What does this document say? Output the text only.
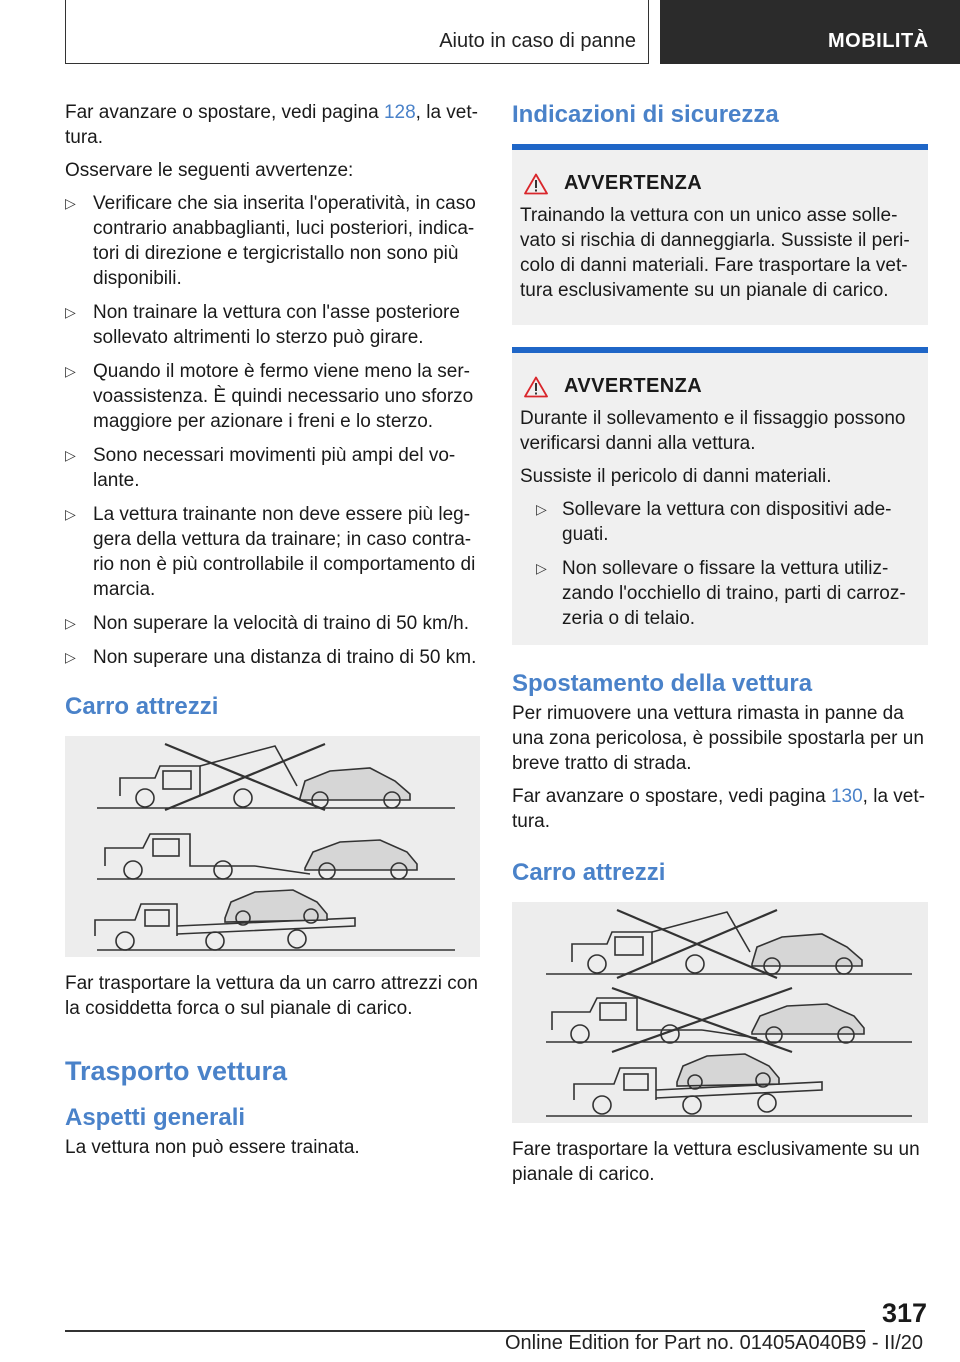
Aiuto in caso di panne	MOBILITÀ

Far avanzare o spostare, vedi pagina 128, la vet‐ tura.

Osservare le seguenti avvertenze:

▷ Verificare che sia inserita l'operatività, in caso contrario anabbaglianti, luci posteriori, indica‐ tori di direzione e tergicristallo non sono più disponibili.
▷ Non trainare la vettura con l'asse posteriore sollevato altrimenti lo sterzo può girare.
▷ Quando il motore è fermo viene meno la ser‐ voassistenza. È quindi necessario uno sforzo maggiore per azionare i freni e lo sterzo.
▷ Sono necessari movimenti più ampi del vo‐ lante.
▷ La vettura trainante non deve essere più leg‐ gera della vettura da trainare; in caso contra‐ rio non è più controllabile il comportamento di marcia.
▷ Non superare la velocità di traino di 50 km/h.
▷ Non superare una distanza di traino di 50 km.
Carro attrezzi

Far trasportare la vettura da un carro attrezzi con la cosiddetta forca o sul pianale di carico.

Trasporto vettura
Aspetti generali

La vettura non può essere trainata.

Indicazioni di sicurezza
AVVERTENZA

Trainando la vettura con un unico asse solle‐ vato si rischia di danneggiarla. Sussiste il peri‐ colo di danni materiali. Fare trasportare la vet‐ tura esclusivamente su un pianale di carico.

AVVERTENZA

Durante il sollevamento e il fissaggio possono verificarsi danni alla vettura.

Sussiste il pericolo di danni materiali.

▷ Sollevare la vettura con dispositivi ade‐ guati.
▷ Non sollevare o fissare la vettura utiliz‐ zando l'occhiello di traino, parti di carroz‐ zeria o di telaio.
Spostamento della vettura

Per rimuovere una vettura rimasta in panne da una zona pericolosa, è possibile spostarla per un breve tratto di strada.

Far avanzare o spostare, vedi pagina 130, la vet‐ tura.

Carro attrezzi

Fare trasportare la vettura esclusivamente su un pianale di carico.

317
Online Edition for Part no. 01405A040B9 - II/20
